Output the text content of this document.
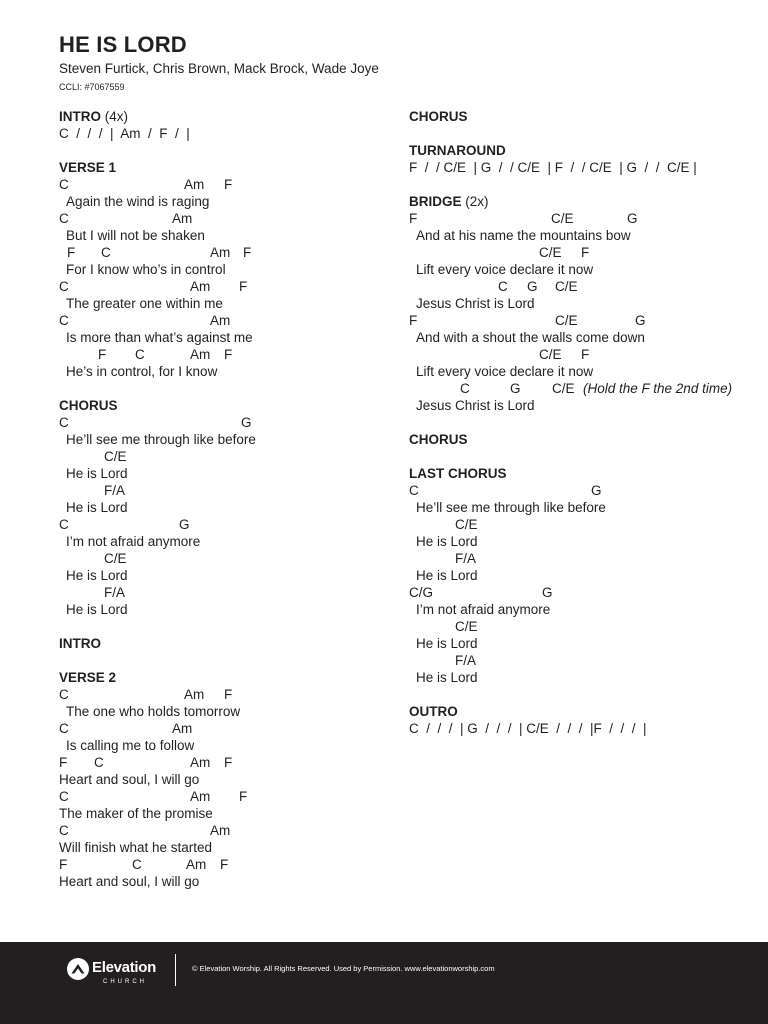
HE IS LORD
Steven Furtick, Chris Brown, Mack Brock, Wade Joye
CCLI: #7067559
INTRO (4x)
C  /  /  /  |  Am  /  F  /  |
VERSE 1
C	Am F
Again the wind is raging
C	Am
But I will not be shaken
F C	Am F
For I know who’s in control
C	Am F
The greater one within me
C	Am
Is more than what’s against me
F C	Am F
He’s in control, for I know
CHORUS
C	G
He’ll see me through like before
C/E
He is Lord
F/A
He is Lord
C	G
I’m not afraid anymore
C/E
He is Lord
F/A
He is Lord
INTRO
VERSE 2
C	Am F
The one who holds tomorrow
C	Am
Is calling me to follow
F C	Am F
Heart and soul, I will go
C	Am F
The maker of the promise
C	Am
Will finish what he started
F	C	Am F
Heart and soul, I will go
CHORUS
TURNAROUND
F  /  / C/E  | G  /  / C/E  | F  /  / C/E  | G  /  /  C/E |
BRIDGE (2x)
F	C/E	G
And at his name the mountains bow
C/E F
Lift every voice declare it now
C G C/E
Jesus Christ is Lord
F	C/E	G
And with a shout the walls come down
C/E F
Lift every voice declare it now
C	G C/E (Hold the F the 2nd time)
Jesus Christ is Lord
CHORUS
LAST CHORUS
C	G
He’ll see me through like before
C/E
He is Lord
F/A
He is Lord
C/G	G
I’m not afraid anymore
C/E
He is Lord
F/A
He is Lord
OUTRO
C  /  /  /  | G  /  /  /  | C/E  /  /  /  |F  /  /  /  |
Elevation
CHURCH
© Elevation Worship. All Rights Reserved. Used by Permission. www.elevationworship.com
